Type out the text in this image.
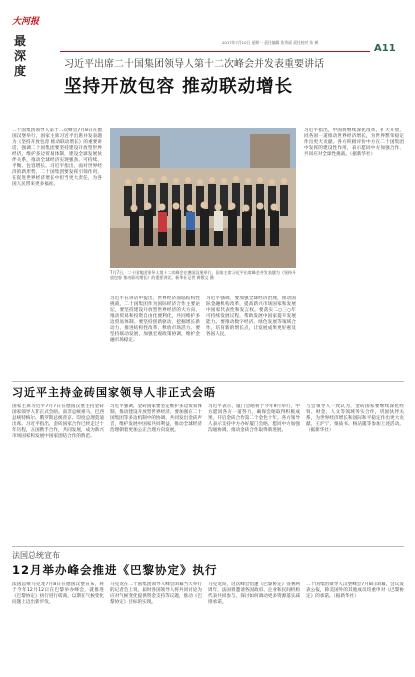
大河报
最深度
2017年7月10日 星期一 责任编辑 张秀丽 责任校对 张 枫
A11
习近平出席二十国集团领导人第十二次峰会并发表重要讲话
坚持开放包容 推动联动增长
二十国集团领导人第十二次峰会7月8日在德国汉堡举行，国家主席习近平出席并发表题为《坚持开放包容 推动联动增长》的重要讲话，强调二十国集团要坚持建设开放型世界经济，维护多边贸易体制，建设全球发展伙伴关系，推动全球经济实现强劲、可持续、平衡、包容增长。习近平指出，面对世界经济的新形势，二十国集团要发挥引领作用，在促进世界经济增长中担当更大责任，为各国人民带来更多福祉。
7月7日，二十国集团领导人第十二次峰会在德国汉堡举行。国家主席习近平出席峰会并发表题为《坚持开放包容 推动联动增长》的重要讲话。新华社记者 黄敬文 摄
习近平指出，中国将继续深化改革、扩大开放，同各国一道推动世界经济增长，为世界繁荣稳定作出更大贡献。各方积极评价中方在二十国集团中发挥的建设性作用，表示愿同中方加强合作，共同应对全球性挑战。（据新华社）
习近平在讲话中提出，世界经济面临结构性挑战，二十国集团作为国际经济合作主要论坛，要坚持建设开放型世界经济的大方向，推动贸易和投资自由化便利化，共同维护多边贸易体制。要坚持创新驱动，挖掘增长新动力，推进结构性改革，释放市场活力。要坚持联动发展，加强宏观政策协调，维护金融市场稳定。
习近平强调，要加强全球经济治理，推动国际金融机构改革，提高新兴市场国家和发展中国家代表性和发言权。要落实二○三○年可持续发展议程，帮助发展中国家提升发展能力。要推动数字经济、绿色发展等领域合作，培育新的增长点，让发展成果更好惠及各国人民。
习近平主持金砖国家领导人非正式会晤
国家主席习近平7月7日在德国汉堡主持金砖国家领导人非正式会晤。南非总统祖马、巴西总统特梅尔、俄罗斯总统普京、印度总理莫迪出席。习近平指出，金砖国家合作已经走过十年历程，五国携手合作，共同发展，成为新兴市场国家和发展中国家团结合作的典范。
习近平强调，金砖国家要坚定维护多边贸易体制，推动建设开放型世界经济，要加强在二十国集团等多边机制中的协调，共同发出金砖声音，维护发展中国家共同利益，推动全球经济治理朝着更加公正合理方向发展。
习近平表示，厦门会晤将于今年9月举行，中方愿同各方一道努力，确保会晤取得积极成果，开启金砖合作第二个金色十年。各方领导人表示支持中方办好厦门会晤，愿同中方加强沟通协调，推动金砖合作取得新进展。
与会领导人一致认为，金砖国家要继续深化经贸、财金、人文等领域务实合作，巩固伙伴关系，为世界经济增长和国际和平稳定作出更大贡献。王沪宁、栗战书、杨洁篪等参加上述活动。（据新华社）
法国总统宣布
12月举办峰会推进《巴黎协定》执行
法国总统马克龙7月8日在德国汉堡宣布，将于今年12月12日在巴黎举办峰会，就推进《巴黎协定》执行进行磋商，以期在气候变化问题上迈出新步伐。
马克龙在二十国集团领导人峰会闭幕当天举行的记者会上说，届时各国领导人将共同讨论为应对气候变化提供资金支持等议题，推动《巴黎协定》目标的实现。
马克龙说，这次峰会恰逢《巴黎协定》签署两周年，法国将邀请各国政府、企业和民间机构代表共同参与，探讨如何调动更多资源落实减排承诺。
二十国集团领导人汉堡峰会7月8日闭幕，会议发表公报，除美国外的其他成员均重申对《巴黎协定》的承诺。（据新华社）
